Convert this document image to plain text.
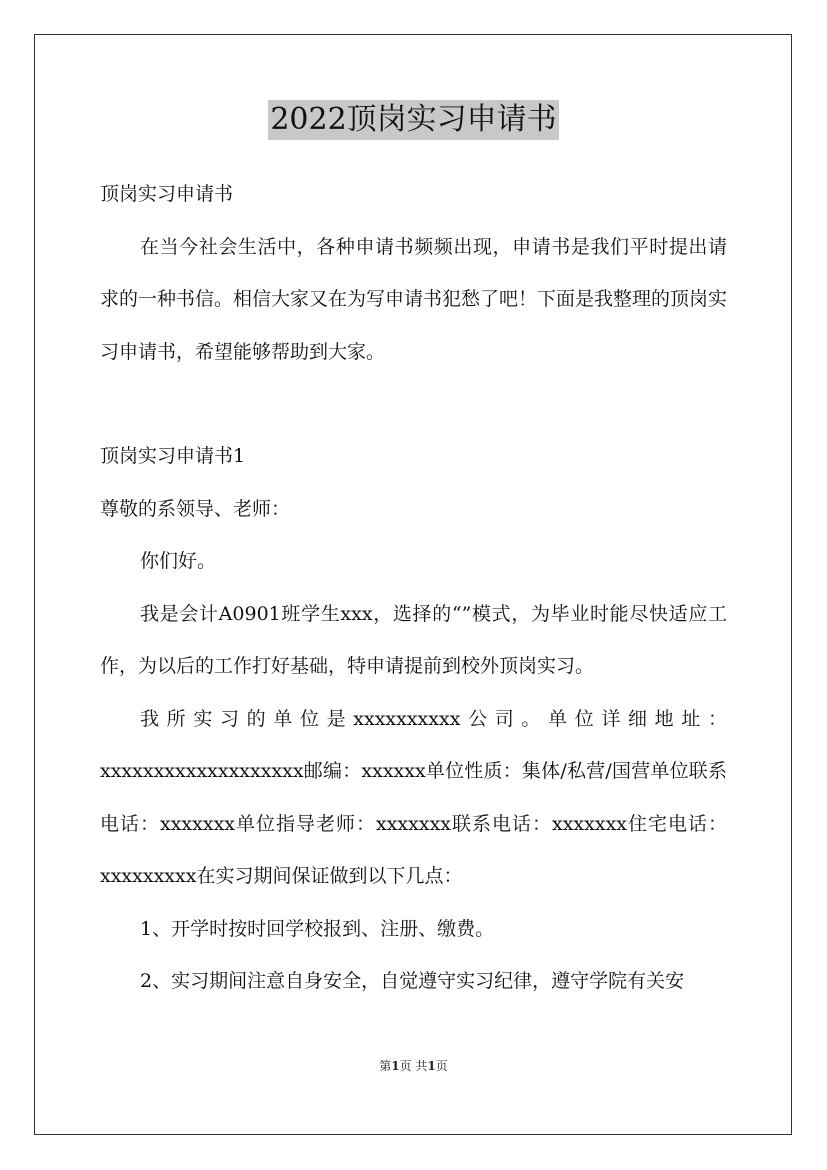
2022顶岗实习申请书

顶岗实习申请书

在当今社会生活中，各种申请书频频出现，申请书是我们平时提出请求的一种书信。相信大家又在为写申请书犯愁了吧！下面是我整理的顶岗实习申请书，希望能够帮助到大家。

顶岗实习申请书1

尊敬的系领导、老师：

你们好。

我是会计A0901班学生xxx，选择的“”模式，为毕业时能尽快适应工作，为以后的工作打好基础，特申请提前到校外顶岗实习。

我所实习的单位是xxxxxxxxxx公司。单位详细地址：xxxxxxxxxxxxxxxxxxx邮编：xxxxxx单位性质：集体/私营/国营单位联系电话：xxxxxxx单位指导老师：xxxxxxx联系电话：xxxxxxx住宅电话：xxxxxxxxx在实习期间保证做到以下几点：

1、开学时按时回学校报到、注册、缴费。

2、实习期间注意自身安全，自觉遵守实习纪律，遵守学院有关安

第1页 共1页
